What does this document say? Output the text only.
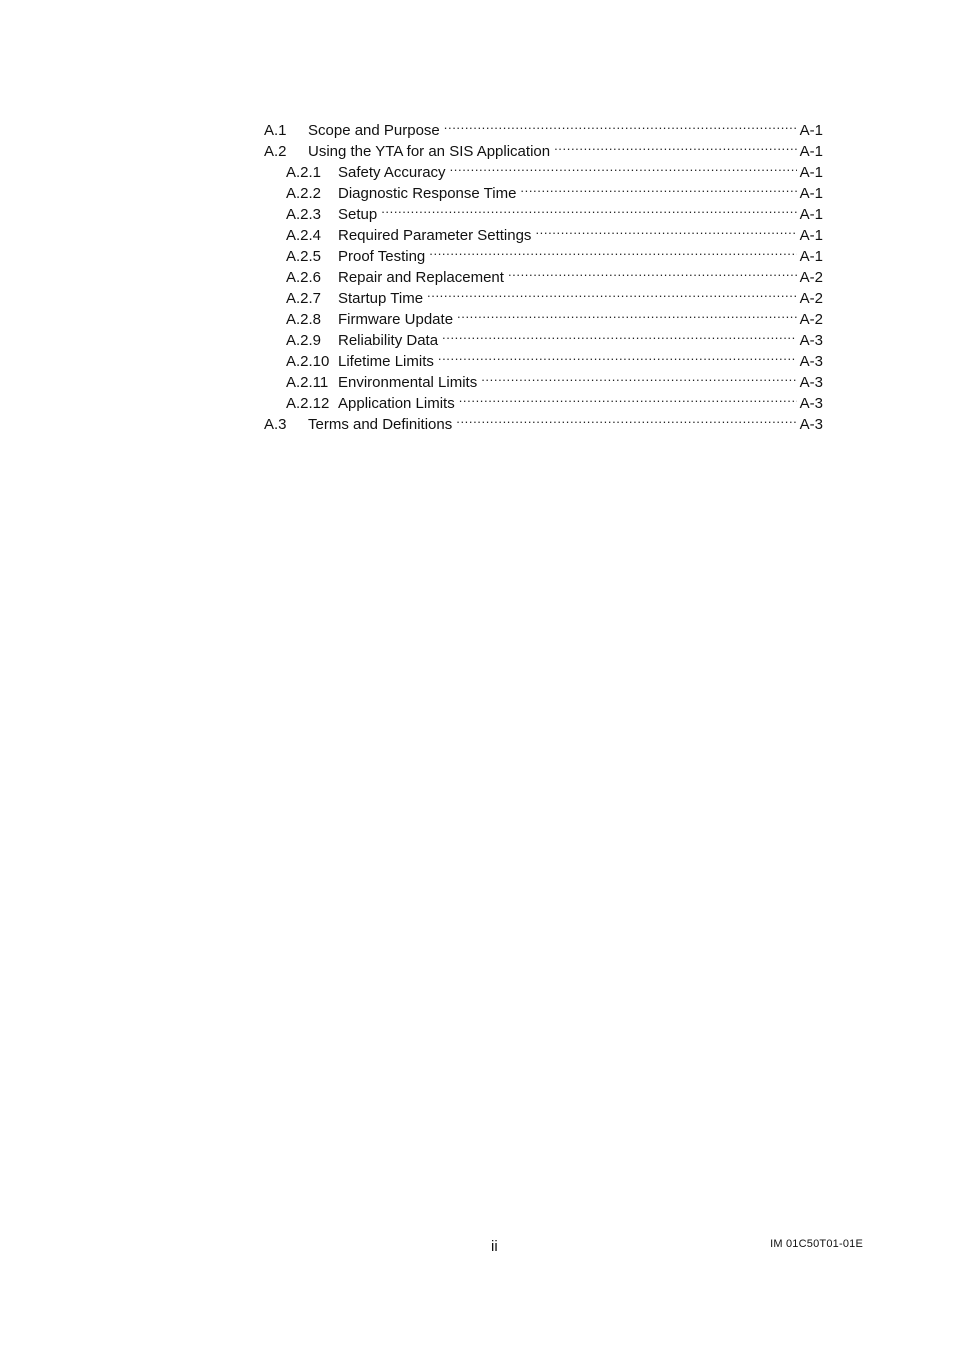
A.1	Scope and Purpose .....	A-1
A.2	Using the YTA for an SIS Application .....	A-1
A.2.1	Safety Accuracy .....	A-1
A.2.2	Diagnostic Response Time .....	A-1
A.2.3	Setup .....	A-1
A.2.4	Required Parameter Settings .....	A-1
A.2.5	Proof Testing .....	A-1
A.2.6	Repair and Replacement .....	A-2
A.2.7	Startup Time .....	A-2
A.2.8	Firmware Update .....	A-2
A.2.9	Reliability Data .....	A-3
A.2.10 Lifetime Limits .....	A-3
A.2.11 Environmental Limits .....	A-3
A.2.12 Application Limits .....	A-3
A.3	Terms and Definitions .....	A-3
ii	IM 01C50T01-01E
